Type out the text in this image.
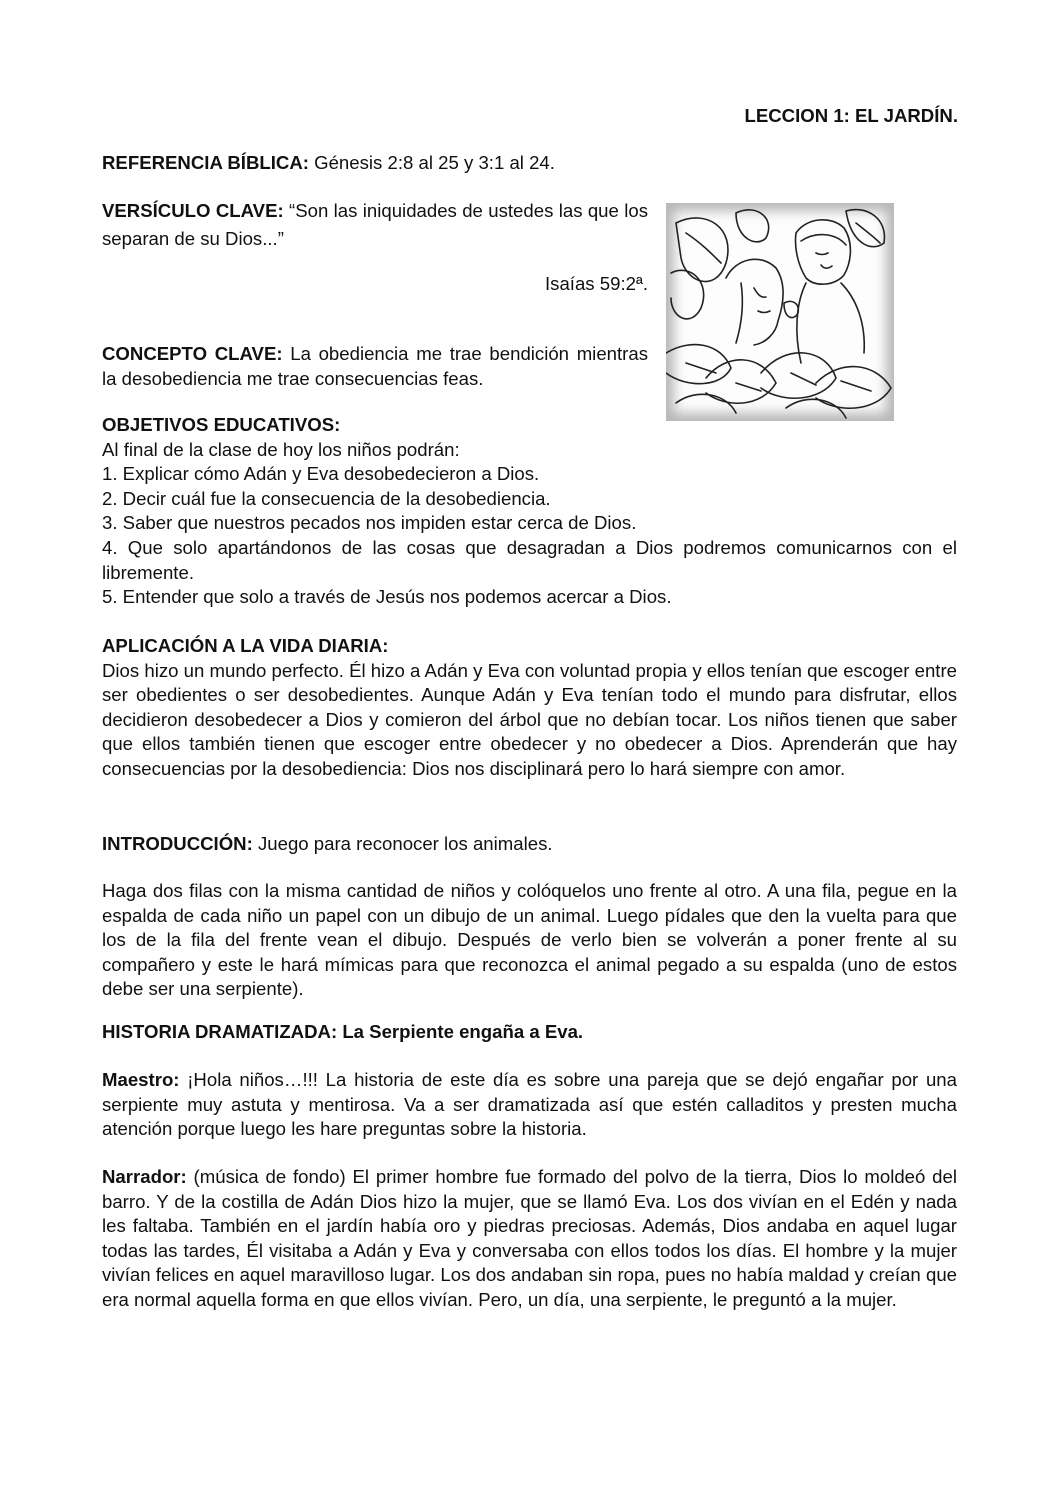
LECCION 1: EL JARDÍN.

REFERENCIA BÍBLICA: Génesis 2:8 al 25 y 3:1 al 24.

VERSÍCULO CLAVE: “Son las iniquidades de ustedes las que los separan de su Dios...”

Isaías 59:2ª.

CONCEPTO CLAVE: La obediencia me trae bendición mientras la desobediencia me trae consecuencias feas.

OBJETIVOS EDUCATIVOS:

Al final de la clase de hoy los niños podrán:

1. Explicar cómo Adán y Eva desobedecieron a Dios.

2. Decir cuál fue la consecuencia de la desobediencia.

3. Saber que nuestros pecados nos impiden estar cerca de Dios.

4. Que solo apartándonos de las cosas que desagradan a Dios podremos comunicarnos con el libremente.

5. Entender que solo a través de Jesús nos podemos acercar a Dios.

APLICACIÓN A LA VIDA DIARIA:

Dios hizo un mundo perfecto. Él hizo a Adán y Eva con voluntad propia y ellos tenían que escoger entre ser obedientes o ser desobedientes. Aunque Adán y Eva tenían todo el mundo para disfrutar, ellos decidieron desobedecer a Dios y comieron del árbol que no debían tocar. Los niños tienen que saber que ellos también tienen que escoger entre obedecer y no obedecer a Dios. Aprenderán que hay consecuencias por la desobediencia: Dios nos disciplinará pero lo hará siempre con amor.

INTRODUCCIÓN: Juego para reconocer los animales.

Haga dos filas con la misma cantidad de niños y colóquelos uno frente al otro. A una fila, pegue en la espalda de cada niño un papel con un dibujo de un animal. Luego pídales que den la vuelta para que los de la fila del frente vean el dibujo. Después de verlo bien se volverán a poner frente al su compañero y este le hará mímicas para que reconozca el animal pegado a su espalda (uno de estos debe ser una serpiente).

HISTORIA DRAMATIZADA: La Serpiente engaña a Eva.

Maestro: ¡Hola niños…!!! La historia de este día es sobre una pareja que se dejó engañar por una serpiente muy astuta y mentirosa. Va a ser dramatizada así que estén calladitos y presten mucha atención porque luego les hare preguntas sobre la historia.

Narrador: (música de fondo) El primer hombre fue formado del polvo de la tierra, Dios lo moldeó del barro. Y de la costilla de Adán Dios hizo la mujer, que se llamó Eva. Los dos vivían en el Edén y nada les faltaba. También en el jardín había oro y piedras preciosas. Además, Dios andaba en aquel lugar todas las tardes, Él visitaba a Adán y Eva y conversaba con ellos todos los días. El hombre y la mujer vivían felices en aquel maravilloso lugar. Los dos andaban sin ropa, pues no había maldad y creían que era normal aquella forma en que ellos vivían. Pero, un día, una serpiente, le preguntó a la mujer.
